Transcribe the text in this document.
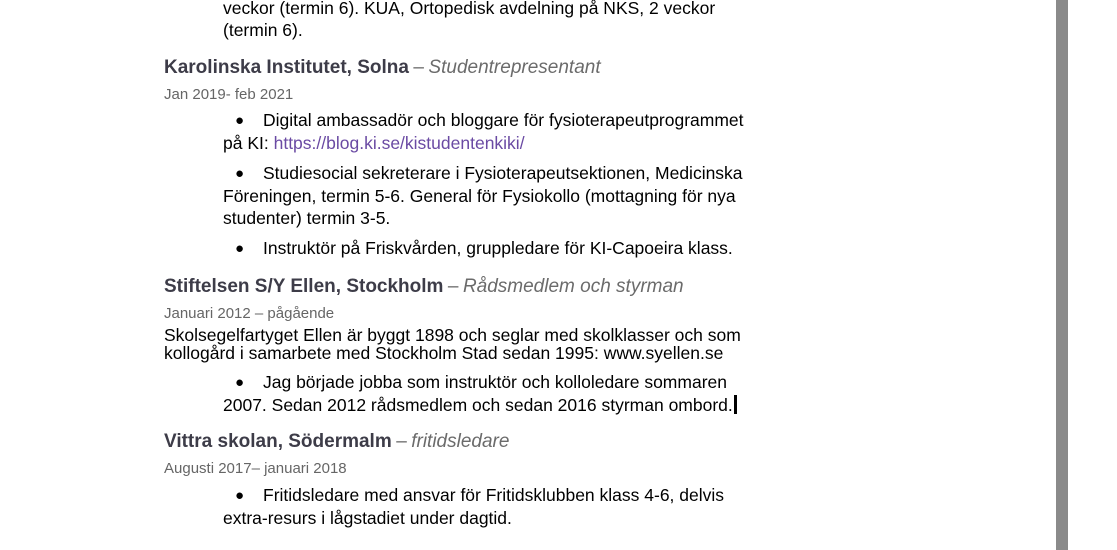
veckor (termin 6). KUA, Ortopedisk avdelning på NKS, 2 veckor
(termin 6).
Karolinska Institutet, Solna – Studentrepresentant
Jan 2019- feb 2021
● Digital ambassadör och bloggare för fysioterapeutprogrammet
på KI: https://blog.ki.se/kistudentenkiki/
● Studiesocial sekreterare i Fysioterapeutsektionen, Medicinska
Föreningen, termin 5-6. General för Fysiokollo (mottagning för nya
studenter) termin 3-5.
● Instruktör på Friskvården, gruppledare för KI-Capoeira klass.
Stiftelsen S/Y Ellen, Stockholm – Rådsmedlem och styrman
Januari 2012 – pågående
Skolsegelfartyget Ellen är byggt 1898 och seglar med skolklasser och som
kollogård i samarbete med Stockholm Stad sedan 1995: www.syellen.se
● Jag började jobba som instruktör och kolloledare sommaren
2007. Sedan 2012 rådsmedlem och sedan 2016 styrman ombord.
Vittra skolan, Södermalm – fritidsledare
Augusti 2017– januari 2018
● Fritidsledare med ansvar för Fritidsklubben klass 4-6, delvis
extra-resurs i lågstadiet under dagtid.
